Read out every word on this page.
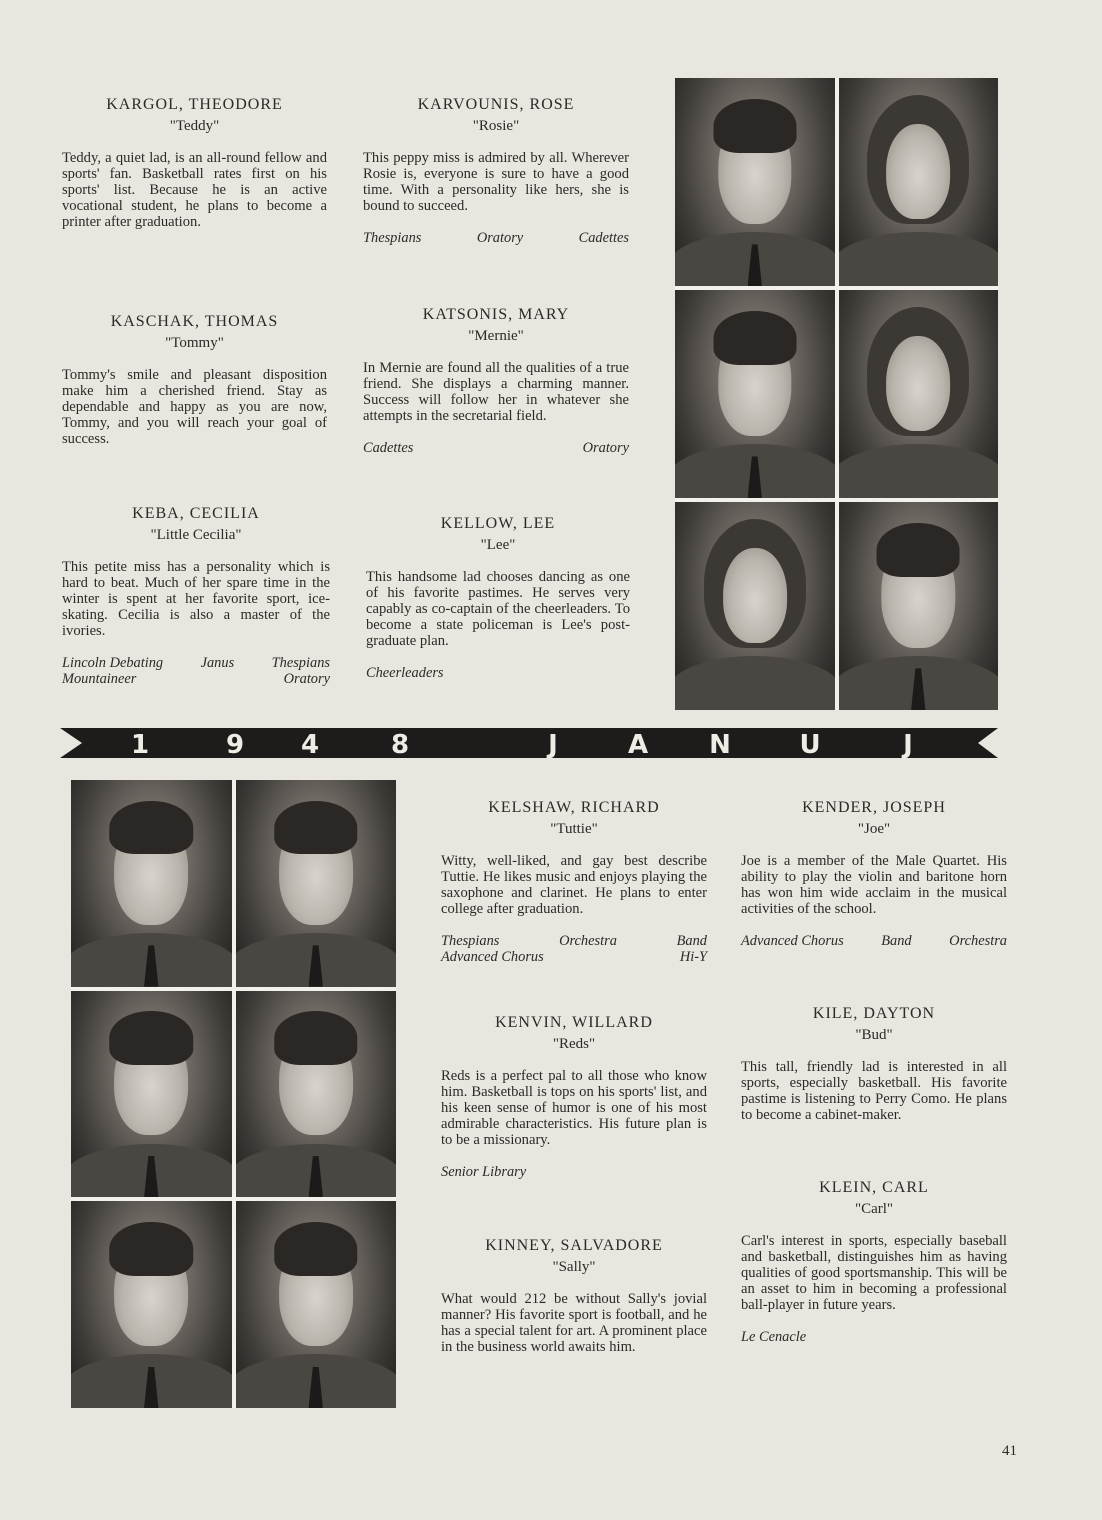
KARGOL, THEODORE

"Teddy"

Teddy, a quiet lad, is an all-round fellow and sports' fan. Basketball rates first on his sports' list. Because he is an active vocational student, he plans to become a printer after graduation.

KARVOUNIS, ROSE

"Rosie"

This peppy miss is admired by all. Wherever Rosie is, everyone is sure to have a good time. With a personality like hers, she is bound to succeed.

Thespians	Oratory	Cadettes

KASCHAK, THOMAS

"Tommy"

Tommy's smile and pleasant disposition make him a cherished friend. Stay as dependable and happy as you are now, Tommy, and you will reach your goal of success.

KATSONIS, MARY

"Mernie"

In Mernie are found all the qualities of a true friend. She displays a charming manner. Success will follow her in whatever she attempts in the secretarial field.

Cadettes	Oratory

KEBA, CECILIA

"Little Cecilia"

This petite miss has a personality which is hard to beat. Much of her spare time in the winter is spent at her favorite sport, ice-skating. Cecilia is also a master of the ivories.

Lincoln Debating	Janus	Thespians
Mountaineer	Oratory

KELLOW, LEE

"Lee"

This handsome lad chooses dancing as one of his favorite pastimes. He serves very capably as co-captain of the cheerleaders. To become a state policeman is Lee's post-graduate plan.

Cheerleaders
1	9 4	8	J	A N	U	J

KELSHAW, RICHARD

"Tuttie"

Witty, well-liked, and gay best describe Tuttie. He likes music and enjoys playing the saxophone and clarinet. He plans to enter college after graduation.

Thespians	Orchestra	Band
Advanced Chorus	Hi-Y

KENDER, JOSEPH

"Joe"

Joe is a member of the Male Quartet. His ability to play the violin and baritone horn has won him wide acclaim in the musical activities of the school.

Advanced Chorus	Band	Orchestra

KENVIN, WILLARD

"Reds"

Reds is a perfect pal to all those who know him. Basketball is tops on his sports' list, and his keen sense of humor is one of his most admirable characteristics. His future plan is to be a missionary.

Senior Library

KILE, DAYTON

"Bud"

This tall, friendly lad is interested in all sports, especially basketball. His favorite pastime is listening to Perry Como. He plans to become a cabinet-maker.

KINNEY, SALVADORE

"Sally"

What would 212 be without Sally's jovial manner? His favorite sport is football, and he has a special talent for art. A prominent place in the business world awaits him.

KLEIN, CARL

"Carl"

Carl's interest in sports, especially baseball and basketball, distinguishes him as having qualities of good sportsmanship. This will be an asset to him in becoming a professional ball-player in future years.

Le Cenacle
41
